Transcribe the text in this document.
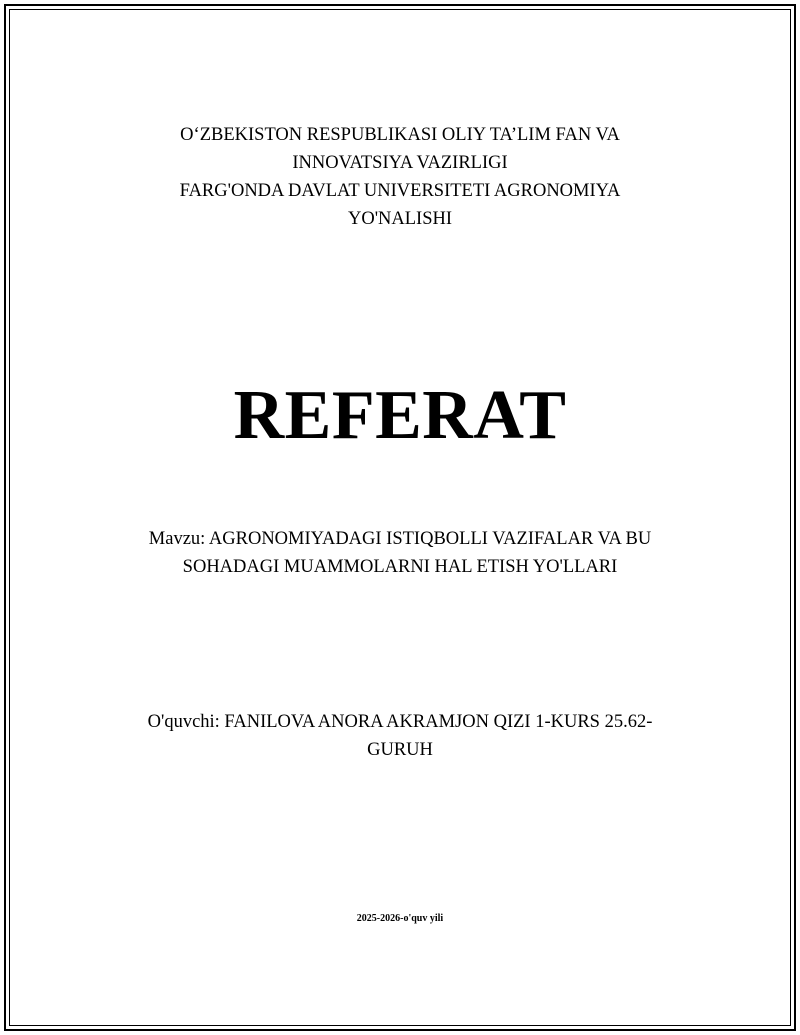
O‘ZBEKISTON RESPUBLIKASI OLIY TA’LIM FAN VA
INNOVATSIYA VAZIRLIGI
FARG'ONDA DAVLAT UNIVERSITETI AGRONOMIYA
YO'NALISHI
REFERAT
Mavzu: AGRONOMIYADAGI ISTIQBOLLI VAZIFALAR VA BU
SOHADAGI MUAMMOLARNI HAL ETISH YO'LLARI
O'quvchi: FANILOVA ANORA AKRAMJON QIZI 1-KURS 25.62-
GURUH
2025-2026-o'quv yili
